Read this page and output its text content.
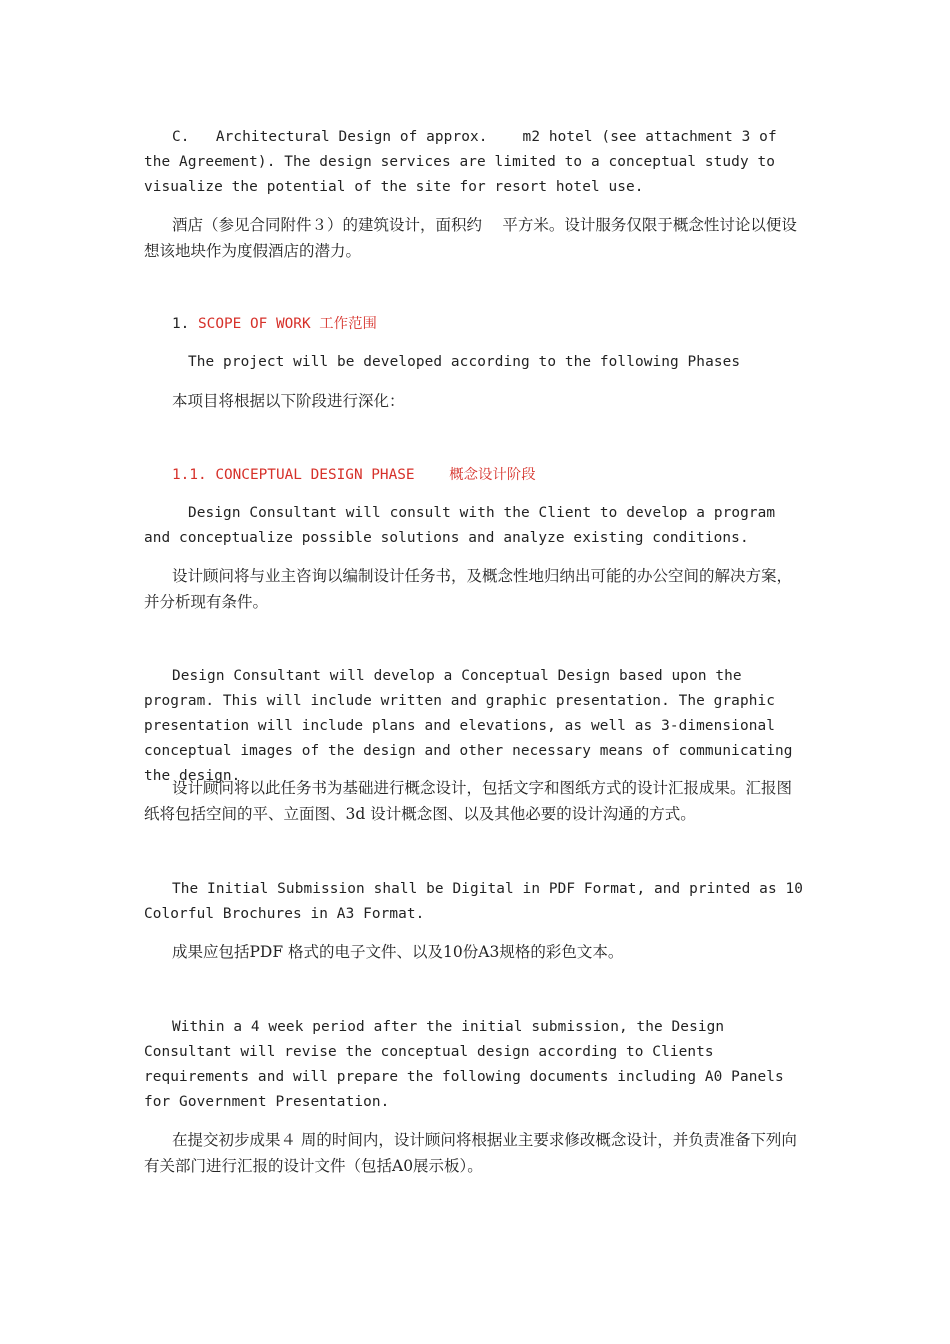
C.   Architectural Design of approx.    m2 hotel (see attachment 3 of the Agreement). The design services are limited to a conceptual study to visualize the potential of the site for resort hotel use.

酒店（参见合同附件３）的建筑设计，面积约　 平方米。设计服务仅限于概念性讨论以便设想该地块作为度假酒店的潜力。

1. SCOPE OF WORK 工作范围

The project will be developed according to the following Phases

本项目将根据以下阶段进行深化：

1.1. CONCEPTUAL DESIGN PHASE    概念设计阶段

Design Consultant will consult with the Client to develop a program and conceptualize possible solutions and analyze existing conditions.

设计顾问将与业主咨询以编制设计任务书，及概念性地归纳出可能的办公空间的解决方案，并分析现有条件。

Design Consultant will develop a Conceptual Design based upon the program. This will include written and graphic presentation. The graphic presentation will include plans and elevations, as well as 3-dimensional conceptual images of the design and other necessary means of communicating the design.

设计顾问将以此任务书为基础进行概念设计，包括文字和图纸方式的设计汇报成果。汇报图纸将包括空间的平、立面图、3d 设计概念图、以及其他必要的设计沟通的方式。

The Initial Submission shall be Digital in PDF Format, and printed as 10 Colorful Brochures in A3 Format.

成果应包括PDF 格式的电子文件、以及10份A3规格的彩色文本。

Within a 4 week period after the initial submission, the Design Consultant will revise the conceptual design according to Clients requirements and will prepare the following documents including A0 Panels for Government Presentation.

在提交初步成果４ 周的时间内，设计顾问将根据业主要求修改概念设计，并负责准备下列向有关部门进行汇报的设计文件（包括A0展示板）。
